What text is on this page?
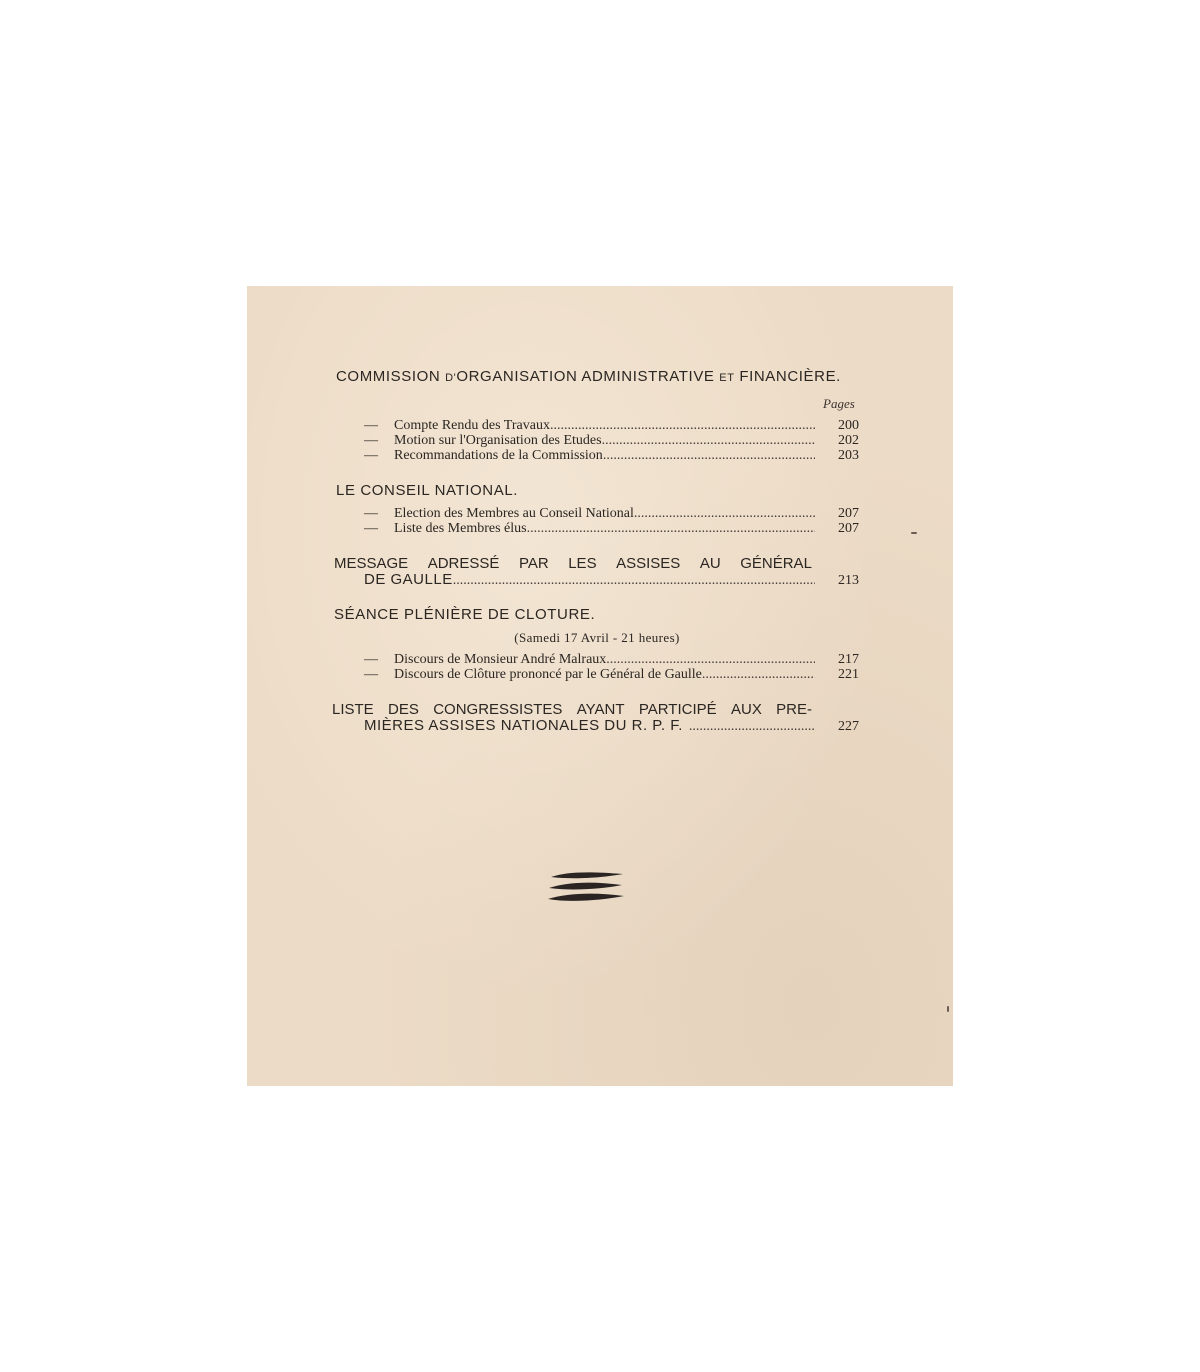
COMMISSION D'ORGANISATION ADMINISTRATIVE ET FINANCIÈRE.
Pages
—	Compte Rendu des Travaux .....	200
—	Motion sur l'Organisation des Etudes .....	202
—	Recommandations de la Commission .....	203
LE CONSEIL NATIONAL.
—	Election des Membres au Conseil National .....	207
—	Liste des Membres élus .....	207
MESSAGE ADRESSÉ PAR LES ASSISES AU GÉNÉRAL
DE GAULLE .....	213
SÉANCE PLÉNIÈRE DE CLOTURE.
(Samedi 17 Avril - 21 heures)
—	Discours de Monsieur André Malraux .....	217
—	Discours de Clôture prononcé par le Général de Gaulle .....	221
LISTE DES CONGRESSISTES AYANT PARTICIPÉ AUX PRE-
MIÈRES ASSISES NATIONALES DU R. P. F. .....	227
